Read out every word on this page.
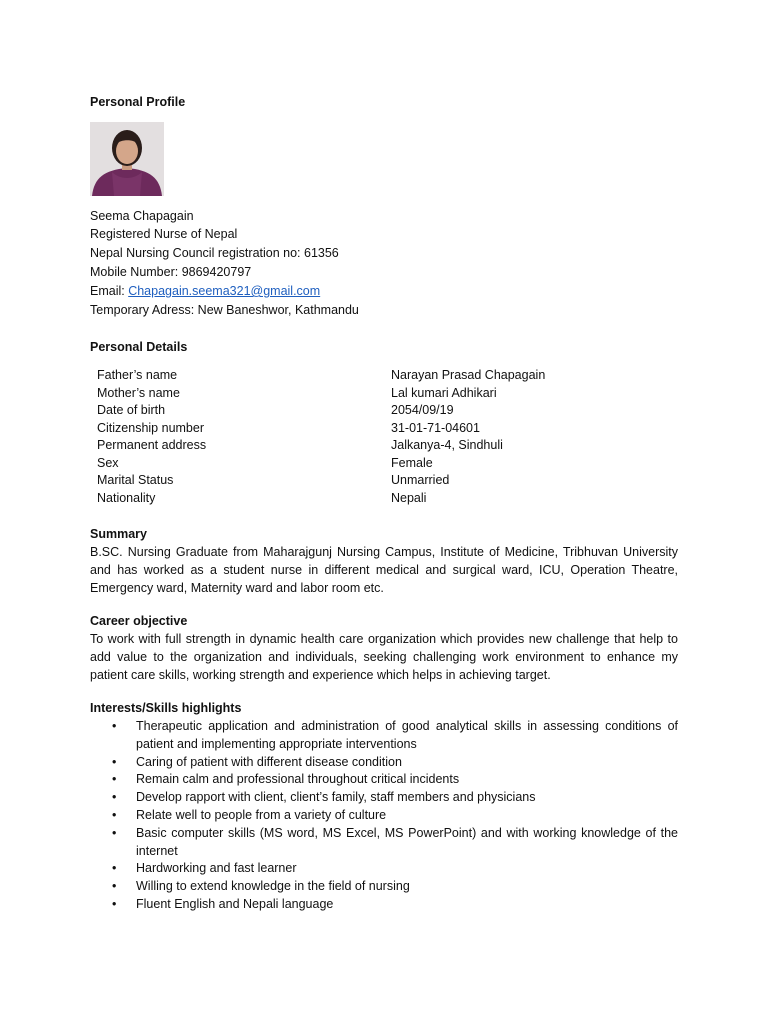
Personal Profile
Seema Chapagain
Registered Nurse of Nepal
Nepal Nursing Council registration no: 61356
Mobile Number: 9869420797
Email: Chapagain.seema321@gmail.com
Temporary Adress: New Baneshwor, Kathmandu
Personal Details
Father’s name	Narayan Prasad Chapagain
Mother’s name	Lal kumari Adhikari
Date of birth	2054/09/19
Citizenship number	31-01-71-04601
Permanent address	Jalkanya-4, Sindhuli
Sex	Female
Marital Status	Unmarried
Nationality	Nepali
Summary
B.SC. Nursing Graduate from Maharajgunj Nursing Campus, Institute of Medicine, Tribhuvan University and has worked as a student nurse in different medical and surgical ward, ICU, Operation Theatre, Emergency ward, Maternity ward and labor room etc.
Career objective
To work with full strength in dynamic health care organization which provides new challenge that help to add value to the organization and individuals, seeking challenging work environment to enhance my patient care skills, working strength and experience which helps in achieving target.
Interests/Skills highlights
• Therapeutic application and administration of good analytical skills in assessing conditions of patient and implementing appropriate interventions
• Caring of patient with different disease condition
• Remain calm and professional throughout critical incidents
• Develop rapport with client, client’s family, staff members and physicians
• Relate well to people from a variety of culture
• Basic computer skills (MS word, MS Excel, MS PowerPoint) and with working knowledge of the internet
• Hardworking and fast learner
• Willing to extend knowledge in the field of nursing
• Fluent English and Nepali language
